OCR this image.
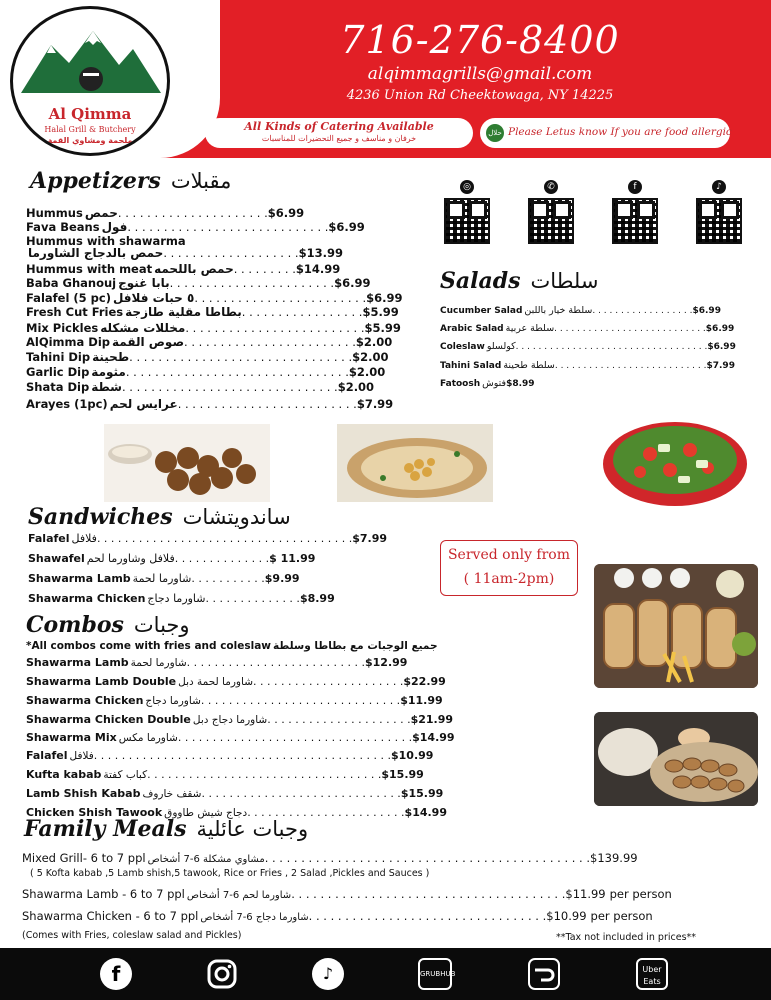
Al Qimma
Halal Grill & Butchery
ملحمة ومشاوي القمة
716-276-8400
alqimmagrills@gmail.com
4236 Union Rd Cheektowaga, NY 14225
All Kinds of Catering Available
خرفان و مناسف و جميع التحضيرات للمناسبات
حلال Please Letus know If you are food allergic
Appetizers مقبلات
Hummus حمص. . . . . . . . . . . . . . . . . . . . .$6.99
Fava Beans فول. . . . . . . . . . . . . . . . . . . . . . . . . . . .$6.99
Hummus with shawarma
حمص بالدجاج الشاورما. . . . . . . . . . . . . . . . . . .$13.99
Hummus with meat حمص باللحمه. . . . . . . . .$14.99
Baba Ghanouj بابا غنوج. . . . . . . . . . . . . . . . . . . . . . .$6.99
Falafel (5 pc) ٥ حبات فلافل. . . . . . . . . . . . . . . . . . . . . . . .$6.99
Fresh Cut Fries بطاطا مقلية طازجة. . . . . . . . . . . . . . . . .$5.99
Mix Pickles مخللات مشكله. . . . . . . . . . . . . . . . . . . . . . . . .$5.99
AlQimma Dip صوص القمة. . . . . . . . . . . . . . . . . . . . . . . .$2.00
Tahini Dip طحينة. . . . . . . . . . . . . . . . . . . . . . . . . . . . . . .$2.00
Garlic Dip مثومة. . . . . . . . . . . . . . . . . . . . . . . . . . . . . . .$2.00
Shata Dip شطة. . . . . . . . . . . . . . . . . . . . . . . . . . . . . .$2.00
Arayes (1pc) عرايس لحم. . . . . . . . . . . . . . . . . . . . . . . . .$7.99
◎	✆	f	♪
Salads سلطات
Cucumber Salad سلطة خيار باللبن. . . . . . . . . . . . . . . . . .$6.99
Arabic Salad سلطة عربية. . . . . . . . . . . . . . . . . . . . . . . . . . .$6.99
Coleslaw كولسلو. . . . . . . . . . . . . . . . . . . . . . . . . . . . . . . . . .$6.99
Tahini Salad سلطة طحينة. . . . . . . . . . . . . . . . . . . . . . . . . . .$7.99
Fatoosh فتوش$8.99
Sandwiches ساندويتشات
Falafel فلافل. . . . . . . . . . . . . . . . . . . . . . . . . . . . . . . . . . . . .$7.99
Shawafel فلافل وشاورما لحم. . . . . . . . . . . . . .$ 11.99
Shawarma Lamb شاورما لحمة. . . . . . . . . . .$9.99
Shawarma Chicken شاورما دجاج. . . . . . . . . . . . . .$8.99
Served only from
( 11am-2pm)
Combos وجبات
*All combos come with fries and coleslaw جميع الوجبات مع بطاطا وسلطة
Shawarma Lamb شاورما لحمة. . . . . . . . . . . . . . . . . . . . . . . . . .$12.99
Shawarma Lamb Double شاورما لحمة دبل. . . . . . . . . . . . . . . . . . . . . .$22.99
Shawarma Chicken شاورما دجاج. . . . . . . . . . . . . . . . . . . . . . . . . . . . .$11.99
Shawarma Chicken Double شاورما دجاج دبل. . . . . . . . . . . . . . . . . . . . .$21.99
Shawarma Mix شاورما مكس. . . . . . . . . . . . . . . . . . . . . . . . . . . . . . . . . .$14.99
Falafel فلافل. . . . . . . . . . . . . . . . . . . . . . . . . . . . . . . . . . . . . . . . . . .$10.99
Kufta kabab كباب كفتة. . . . . . . . . . . . . . . . . . . . . . . . . . . . . . . . . .$15.99
Lamb Shish Kabab شقف خاروف. . . . . . . . . . . . . . . . . . . . . . . . . . . . .$15.99
Chicken Shish Tawook دجاج شيش طاووق. . . . . . . . . . . . . . . . . . . . . . .$14.99
Family Meals وجبات عائلية
Mixed Grill- 6 to 7 ppl مشاوي مشكلة 6-7 أشخاص. . . . . . . . . . . . . . . . . . . . . . . . . . . . . . . . . . . . . . . . . . . . .$139.99
Shawarma Lamb - 6 to 7 ppl شاورما لحم 6-7 أشخاص. . . . . . . . . . . . . . . . . . . . . . . . . . . . . . . . . . . . . .$11.99 per person
Shawarma Chicken - 6 to 7 ppl شاورما دجاج 6-7 أشخاص. . . . . . . . . . . . . . . . . . . . . . . . . . . . . . . . .$10.99 per person
( 5 Kofta kabab ,5 Lamb shish,5 tawook, Rice or Fries , 2 Salad ,Pickles and Sauces )
(Comes with Fries, coleslaw salad and Pickles)	**Tax not included in prices**
f	♪	GRUBHUB	Uber Eats
